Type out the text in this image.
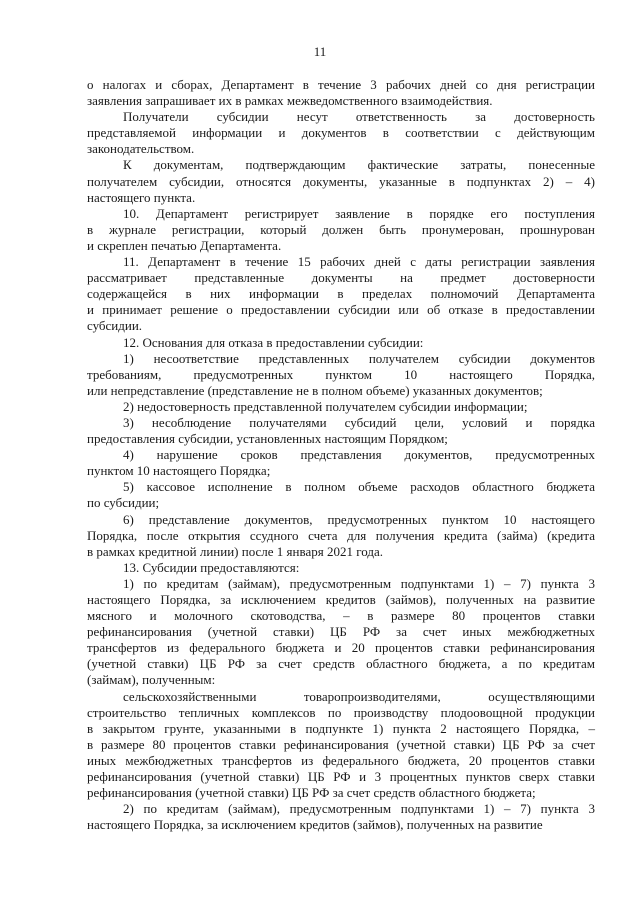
11
о налогах и сборах, Департамент в течение 3 рабочих дней со дня регистрации
заявления запрашивает их в рамках межведомственного взаимодействия.
Получатели субсидии несут ответственность за достоверность
представляемой информации и документов в соответствии с действующим
законодательством.
К документам, подтверждающим фактические затраты, понесенные
получателем субсидии, относятся документы, указанные в подпунктах 2) – 4)
настоящего пункта.
10. Департамент регистрирует заявление в порядке его поступления
в журнале регистрации, который должен быть пронумерован, прошнурован
и скреплен печатью Департамента.
11. Департамент в течение 15 рабочих дней с даты регистрации заявления
рассматривает представленные документы на предмет достоверности
содержащейся в них информации в пределах полномочий Департамента
и принимает решение о предоставлении субсидии или об отказе в предоставлении
субсидии.
12. Основания для отказа в предоставлении субсидии:
1) несоответствие представленных получателем субсидии документов
требованиям, предусмотренных пунктом 10 настоящего Порядка,
или непредставление (представление не в полном объеме) указанных документов;
2) недостоверность представленной получателем субсидии информации;
3) несоблюдение получателями субсидий цели, условий и порядка
предоставления субсидии, установленных настоящим Порядком;
4) нарушение сроков представления документов, предусмотренных
пунктом 10 настоящего Порядка;
5) кассовое исполнение в полном объеме расходов областного бюджета
по субсидии;
6) представление документов, предусмотренных пунктом 10 настоящего
Порядка, после открытия ссудного счета для получения кредита (займа) (кредита
в рамках кредитной линии) после 1 января 2021 года.
13. Субсидии предоставляются:
1) по кредитам (займам), предусмотренным подпунктами 1) – 7) пункта 3
настоящего Порядка, за исключением кредитов (займов), полученных на развитие
мясного и молочного скотоводства, – в размере 80 процентов ставки
рефинансирования (учетной ставки) ЦБ РФ за счет иных межбюджетных
трансфертов из федерального бюджета и 20 процентов ставки рефинансирования
(учетной ставки) ЦБ РФ за счет средств областного бюджета, а по кредитам
(займам), полученным:
сельскохозяйственными товаропроизводителями, осуществляющими
строительство тепличных комплексов по производству плодоовощной продукции
в закрытом грунте, указанными в подпункте 1) пункта 2 настоящего Порядка, –
в размере 80 процентов ставки рефинансирования (учетной ставки) ЦБ РФ за счет
иных межбюджетных трансфертов из федерального бюджета, 20 процентов ставки
рефинансирования (учетной ставки) ЦБ РФ и 3 процентных пунктов сверх ставки
рефинансирования (учетной ставки) ЦБ РФ за счет средств областного бюджета;
2) по кредитам (займам), предусмотренным подпунктами 1) – 7) пункта 3
настоящего Порядка, за исключением кредитов (займов), полученных на развитие
